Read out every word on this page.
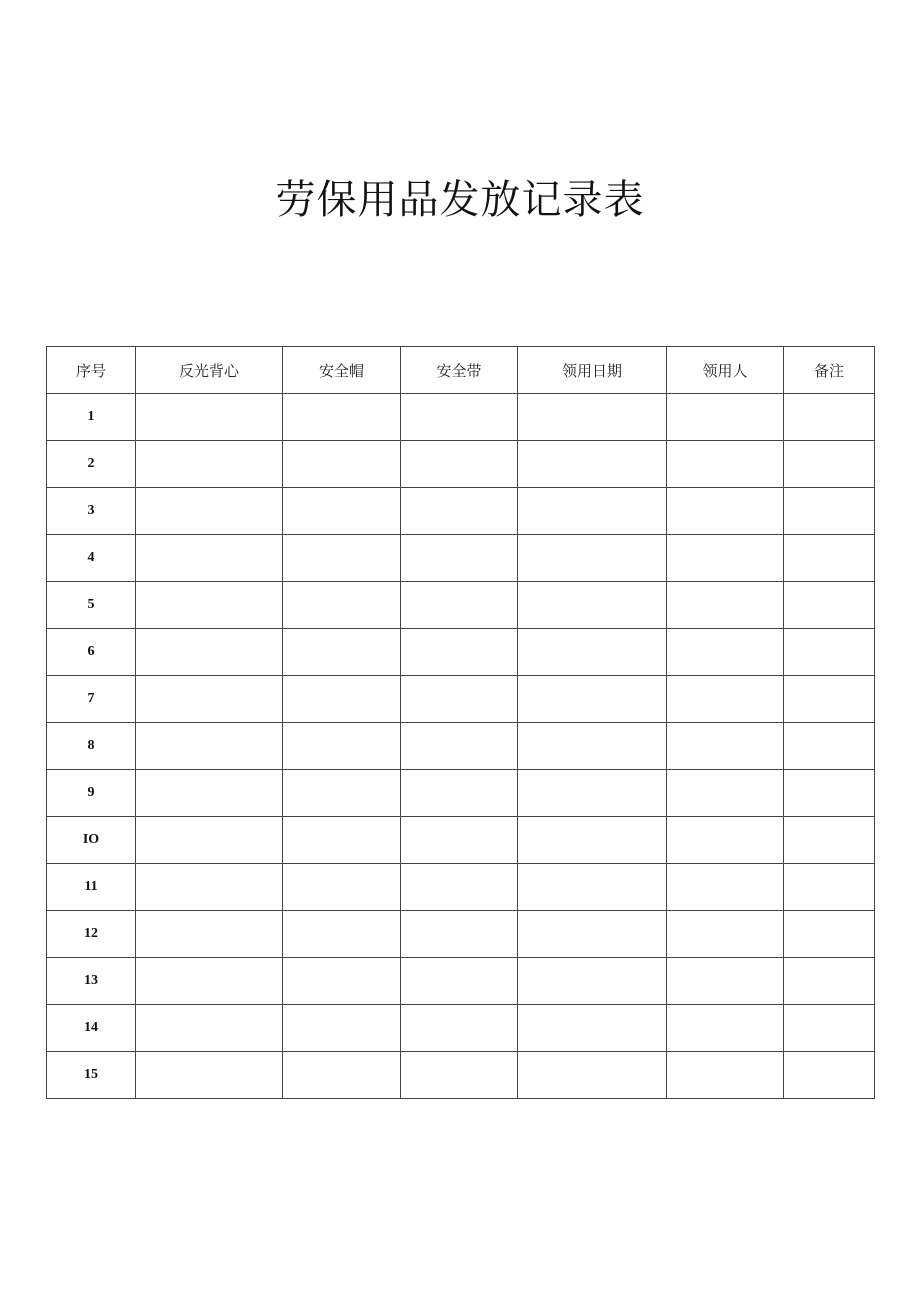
劳保用品发放记录表
序号	反光背心	安全帽	安全带	领用日期	领用人	备注
1						
2						
3						
4						
5						
6						
7						
8						
9						
IO						
11						
12						
13						
14						
15						
